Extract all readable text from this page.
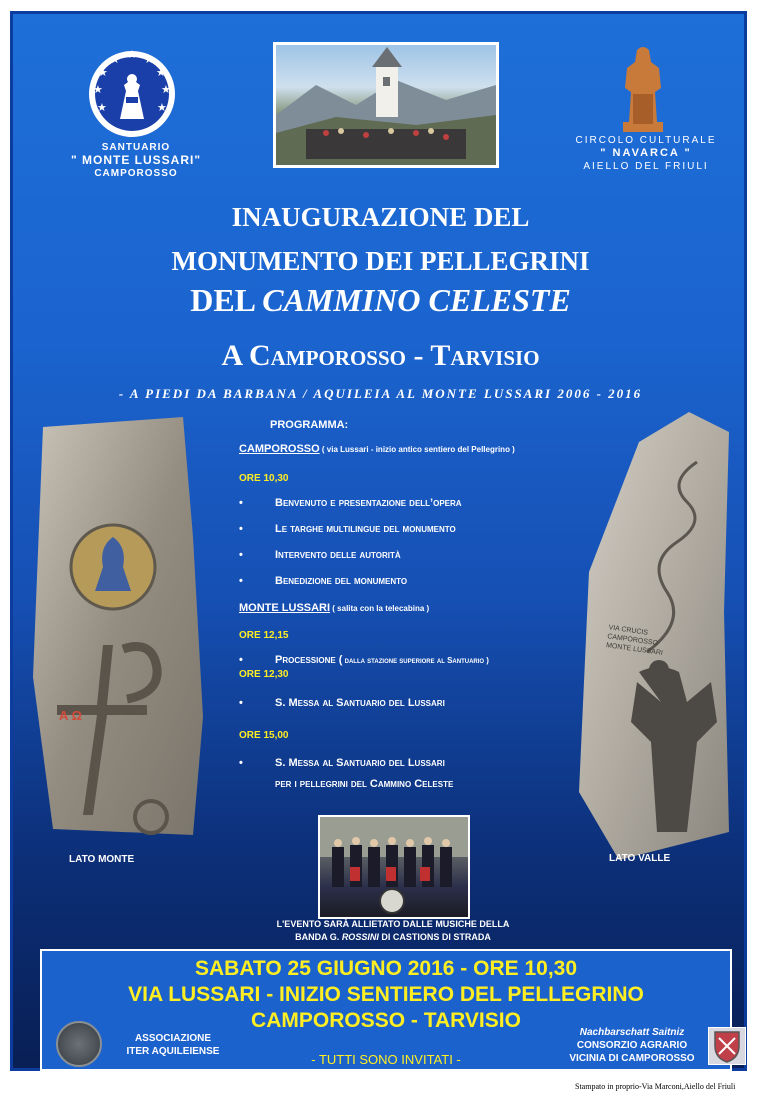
★ ★
★
★
★
★
★
★
★
SANTUARIO
" MONTE LUSSARI"
CAMPOROSSO
CIRCOLO CULTURALE
" NAVARCA "
AIELLO DEL FRIULI
INAUGURAZIONE DEL
MONUMENTO DEI PELLEGRINI
DEL CAMMINO CELESTE
A Camporosso - Tarvisio
- A PIEDI DA BARBANA / AQUILEIA AL MONTE LUSSARI 2006 - 2016
A Ω
LATO MONTE
VIA CRUCIS
CAMPOROSSO
MONTE LUSSARI
LATO VALLE
PROGRAMMA:
CAMPOROSSO ( via Lussari - inizio antico sentiero del Pellegrino )
ORE 10,30
•	Benvenuto e presentazione dell’opera
•	Le targhe multilingue del monumento
•	Intervento delle autorità
•	Benedizione del monumento
MONTE LUSSARI ( salita con la telecabina )
ORE 12,15
•	Processione ( dalla stazione superiore al Santuario )
ORE 12,30
•	S. Messa al Santuario del Lussari
ORE 15,00
•	S. Messa al Santuario del Lussari
per i pellegrini del Cammino Celeste
L'EVENTO SARÀ ALLIETATO DALLE MUSICHE DELLA
BANDA G. ROSSINI DI CASTIONS DI STRADA
SABATO 25 GIUGNO 2016 - ORE 10,30
VIA LUSSARI - INIZIO SENTIERO DEL PELLEGRINO
CAMPOROSSO - TARVISIO
ASSOCIAZIONE
ITER AQUILEIENSE
- TUTTI SONO INVITATI -
Nachbarschatt Saitniz
CONSORZIO AGRARIO
VICINIA DI CAMPOROSSO
Stampato in proprio-Via Marconi,Aiello del Friuli
